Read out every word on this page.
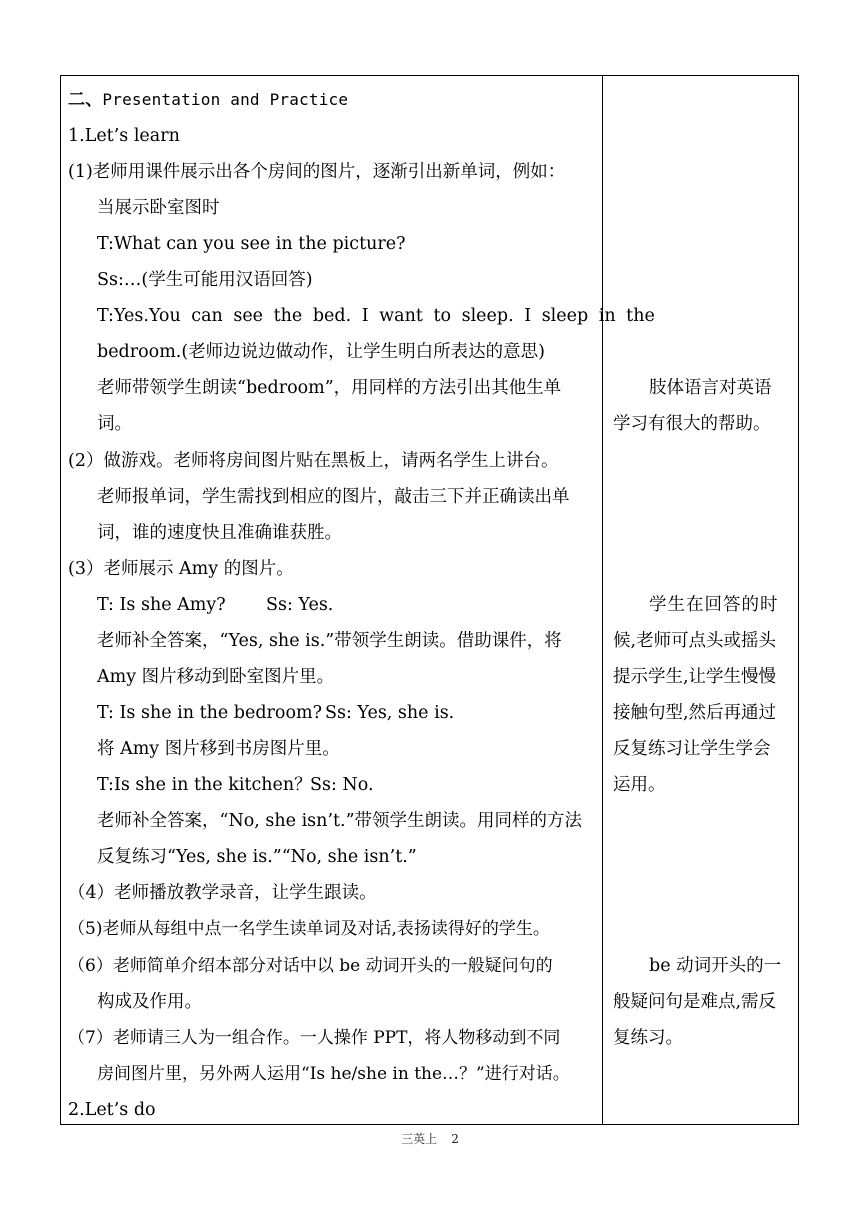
二、Presentation and Practice
1.Let’s learn
(1)老师用课件展示出各个房间的图片，逐渐引出新单词，例如：
当展示卧室图时
T:What can you see in the picture?
Ss:…(学生可能用汉语回答)
T:Yes.You can see the bed. I want to sleep. I sleep in the
bedroom.(老师边说边做动作，让学生明白所表达的意思)
老师带领学生朗读“bedroom”，用同样的方法引出其他生单
词。
(2）做游戏。老师将房间图片贴在黑板上，请两名学生上讲台。
老师报单词，学生需找到相应的图片，敲击三下并正确读出单
词，谁的速度快且准确谁获胜。
(3）老师展示 Amy 的图片。
T: Is she Amy? Ss: Yes.
老师补全答案，“Yes, she is.”带领学生朗读。借助课件，将
Amy 图片移动到卧室图片里。
T: Is she in the bedroom? Ss: Yes, she is.
将 Amy 图片移到书房图片里。
T:Is she in the kitchen？
Ss: No.
老师补全答案，“No, she isn’t.”带领学生朗读。用同样的方法
反复练习“Yes, she is.”“No, she isn’t.”
（4）老师播放教学录音，让学生跟读。
（5)老师从每组中点一名学生读单词及对话,表扬读得好的学生。
（6）老师简单介绍本部分对话中以 be 动词开头的一般疑问句的
构成及作用。
（7）老师请三人为一组合作。一人操作 PPT，将人物移动到不同
房间图片里，另外两人运用“Is he/she in the…？”进行对话。
2.Let’s do
肢体语言对英语
学习有很大的帮助。
学生在回答的时
候,老师可点头或摇头
提示学生,让学生慢慢
接触句型,然后再通过
反复练习让学生学会
运用。
be 动词开头的一
般疑问句是难点,需反
复练习。
三英上 2
